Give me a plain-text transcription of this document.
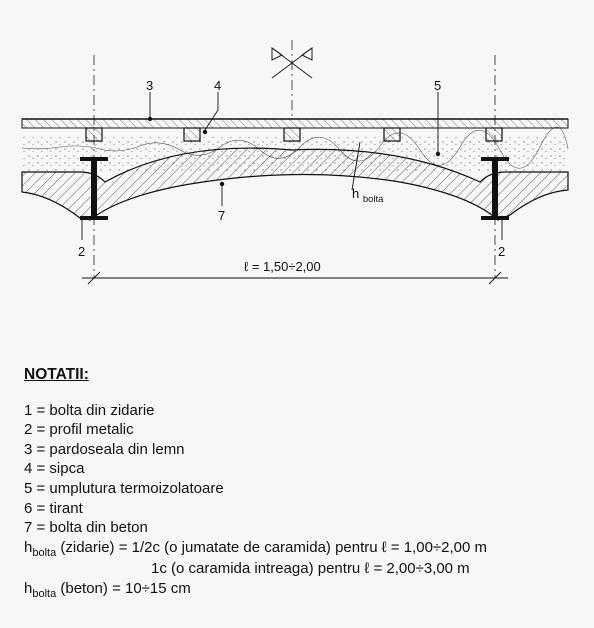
3	4	5
7
2	2
h $_{bolta}$
ℓ = 1,50÷2,00
NOTATII:
1 = bolta din zidarie
2 = profil metalic
3 = pardoseala din lemn
4 = sipca
5 = umplutura termoizolatoare
6 = tirant
7 = bolta din beton
$h_{bolta}$ (zidarie) = 1/2c (o jumatate de caramida) pentru ℓ = 1,00÷2,00 m
1c (o caramida intreaga) pentru ℓ = 2,00÷3,00 m
$h_{bolta}$ (beton) = 10÷15 cm
